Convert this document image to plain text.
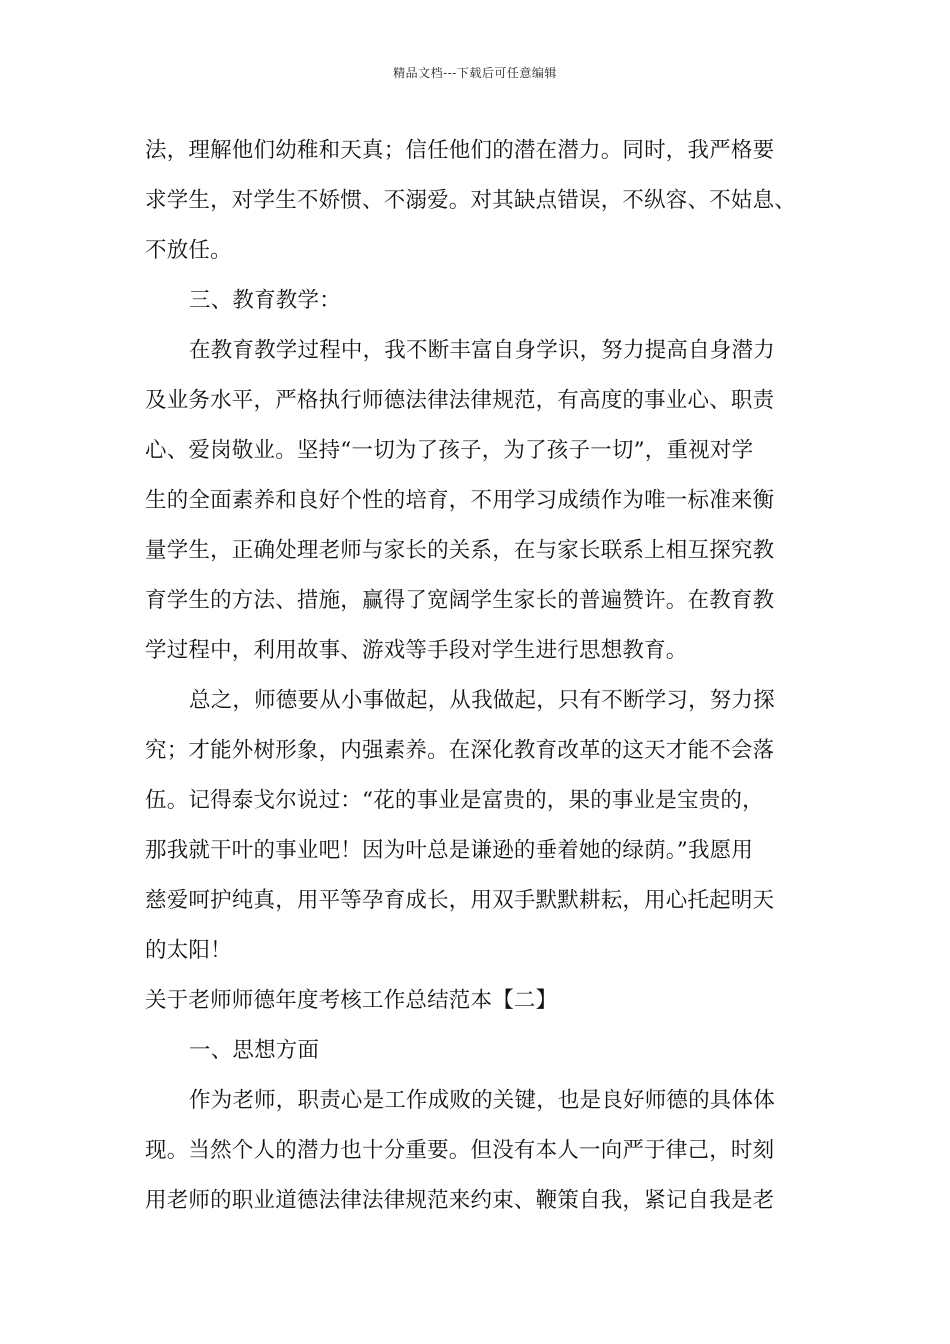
精品文档---下载后可任意编辑
法，理解他们幼稚和天真；信任他们的潜在潜力。同时，我严格要
求学生，对学生不娇惯、不溺爱。对其缺点错误，不纵容、不姑息、
不放任。
三、教育教学：
在教育教学过程中，我不断丰富自身学识，努力提高自身潜力
及业务水平，严格执行师德法律法律规范，有高度的事业心、职责
心、爱岗敬业。坚持“一切为了孩子，为了孩子一切”，重视对学
生的全面素养和良好个性的培育，不用学习成绩作为唯一标准来衡
量学生，正确处理老师与家长的关系，在与家长联系上相互探究教
育学生的方法、措施，赢得了宽阔学生家长的普遍赞许。在教育教
学过程中，利用故事、游戏等手段对学生进行思想教育。
总之，师德要从小事做起，从我做起，只有不断学习，努力探
究；才能外树形象，内强素养。在深化教育改革的这天才能不会落
伍。记得泰戈尔说过：“花的事业是富贵的，果的事业是宝贵的，
那我就干叶的事业吧！因为叶总是谦逊的垂着她的绿荫。”我愿用
慈爱呵护纯真，用平等孕育成长，用双手默默耕耘，用心托起明天
的太阳！
关于老师师德年度考核工作总结范本【二】
一、思想方面
作为老师，职责心是工作成败的关键，也是良好师德的具体体
现。当然个人的潜力也十分重要。但没有本人一向严于律己，时刻
用老师的职业道德法律法律规范来约束、鞭策自我，紧记自我是老
